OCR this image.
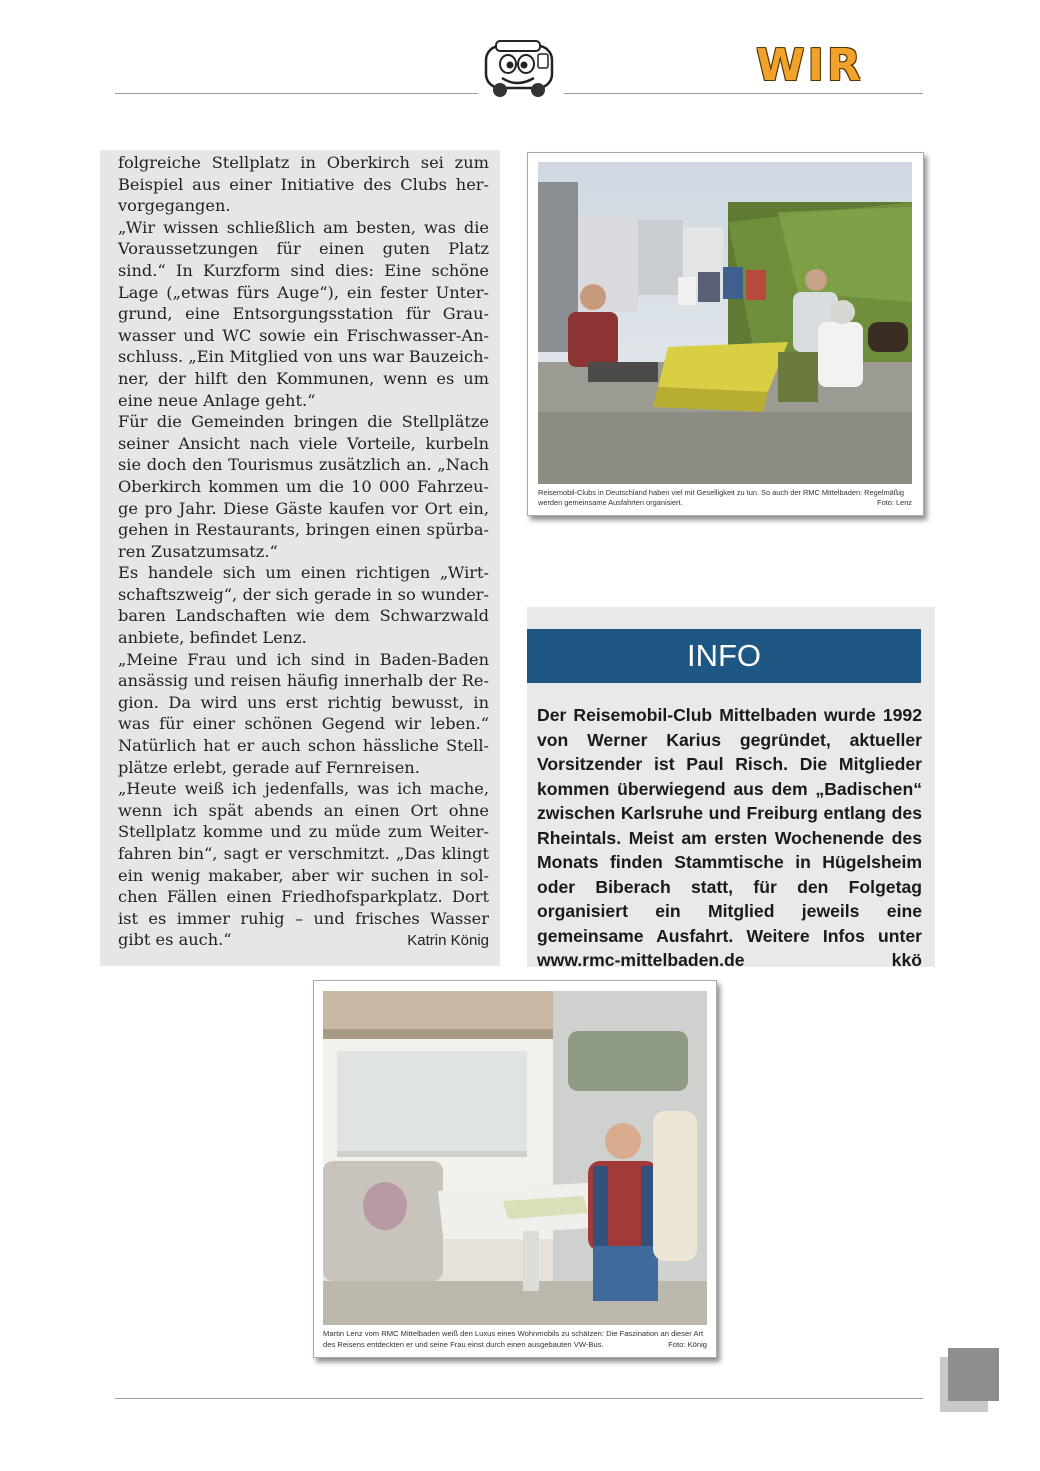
WIR

folgreiche Stellplatz in Oberkirch sei zum Beispiel aus einer Initiative des Clubs hervorgegangen.

„Wir wissen schließlich am besten, was die Voraussetzungen für einen guten Platz sind.“ In Kurzform sind dies: Eine schöne Lage („etwas fürs Auge“), ein fester Untergrund, eine Entsorgungsstation für Grauwasser und WC sowie ein Frischwasser-Anschluss. „Ein Mitglied von uns war Bauzeichner, der hilft den Kommunen, wenn es um eine neue Anlage geht.“

Für die Gemeinden bringen die Stellplätze seiner Ansicht nach viele Vorteile, kurbeln sie doch den Tourismus zusätzlich an. „Nach Oberkirch kommen um die 10 000 Fahrzeuge pro Jahr. Diese Gäste kaufen vor Ort ein, gehen in Restaurants, bringen einen spürbaren Zusatzumsatz.“

Es handele sich um einen richtigen „Wirtschaftszweig“, der sich gerade in so wunderbaren Landschaften wie dem Schwarzwald anbiete, befindet Lenz.

„Meine Frau und ich sind in Baden-Baden ansässig und reisen häufig innerhalb der Region. Da wird uns erst richtig bewusst, in was für einer schönen Gegend wir leben.“ Natürlich hat er auch schon hässliche Stellplätze erlebt, gerade auf Fernreisen.

„Heute weiß ich jedenfalls, was ich mache, wenn ich spät abends an einen Ort ohne Stellplatz komme und zu müde zum Weiterfahren bin“, sagt er verschmitzt. „Das klingt ein wenig makaber, aber wir suchen in solchen Fällen einen Friedhofsparkplatz. Dort ist es immer ruhig – und frisches Wasser gibt es auch.“	Katrin König
Reisemobil-Clubs in Deutschland haben viel mit Geselligkeit zu tun. So auch der RMC Mittelbaden: Regelmäßig werden gemeinsame Ausfahrten organisiert.	Foto: Lenz
INFO
Der Reisemobil-Club Mittelbaden wurde 1992 von Werner Karius gegründet, aktueller Vorsitzender ist Paul Risch. Die Mitglieder kommen überwiegend aus dem „Badischen“ zwischen Karlsruhe und Freiburg entlang des Rheintals. Meist am ersten Wochenende des Monats finden Stammtische in Hügelsheim oder Biberach statt, für den Folgetag organisiert ein Mitglied jeweils eine gemeinsame Ausfahrt. Weitere Infos unter www.rmc-mittelbaden.de	kkö
Martin Lenz vom RMC Mittelbaden weiß den Luxus eines Wohnmobils zu schätzen: Die Faszination an dieser Art des Reisens entdeckten er und seine Frau einst durch einen ausgebauten VW-Bus.	Foto: König
